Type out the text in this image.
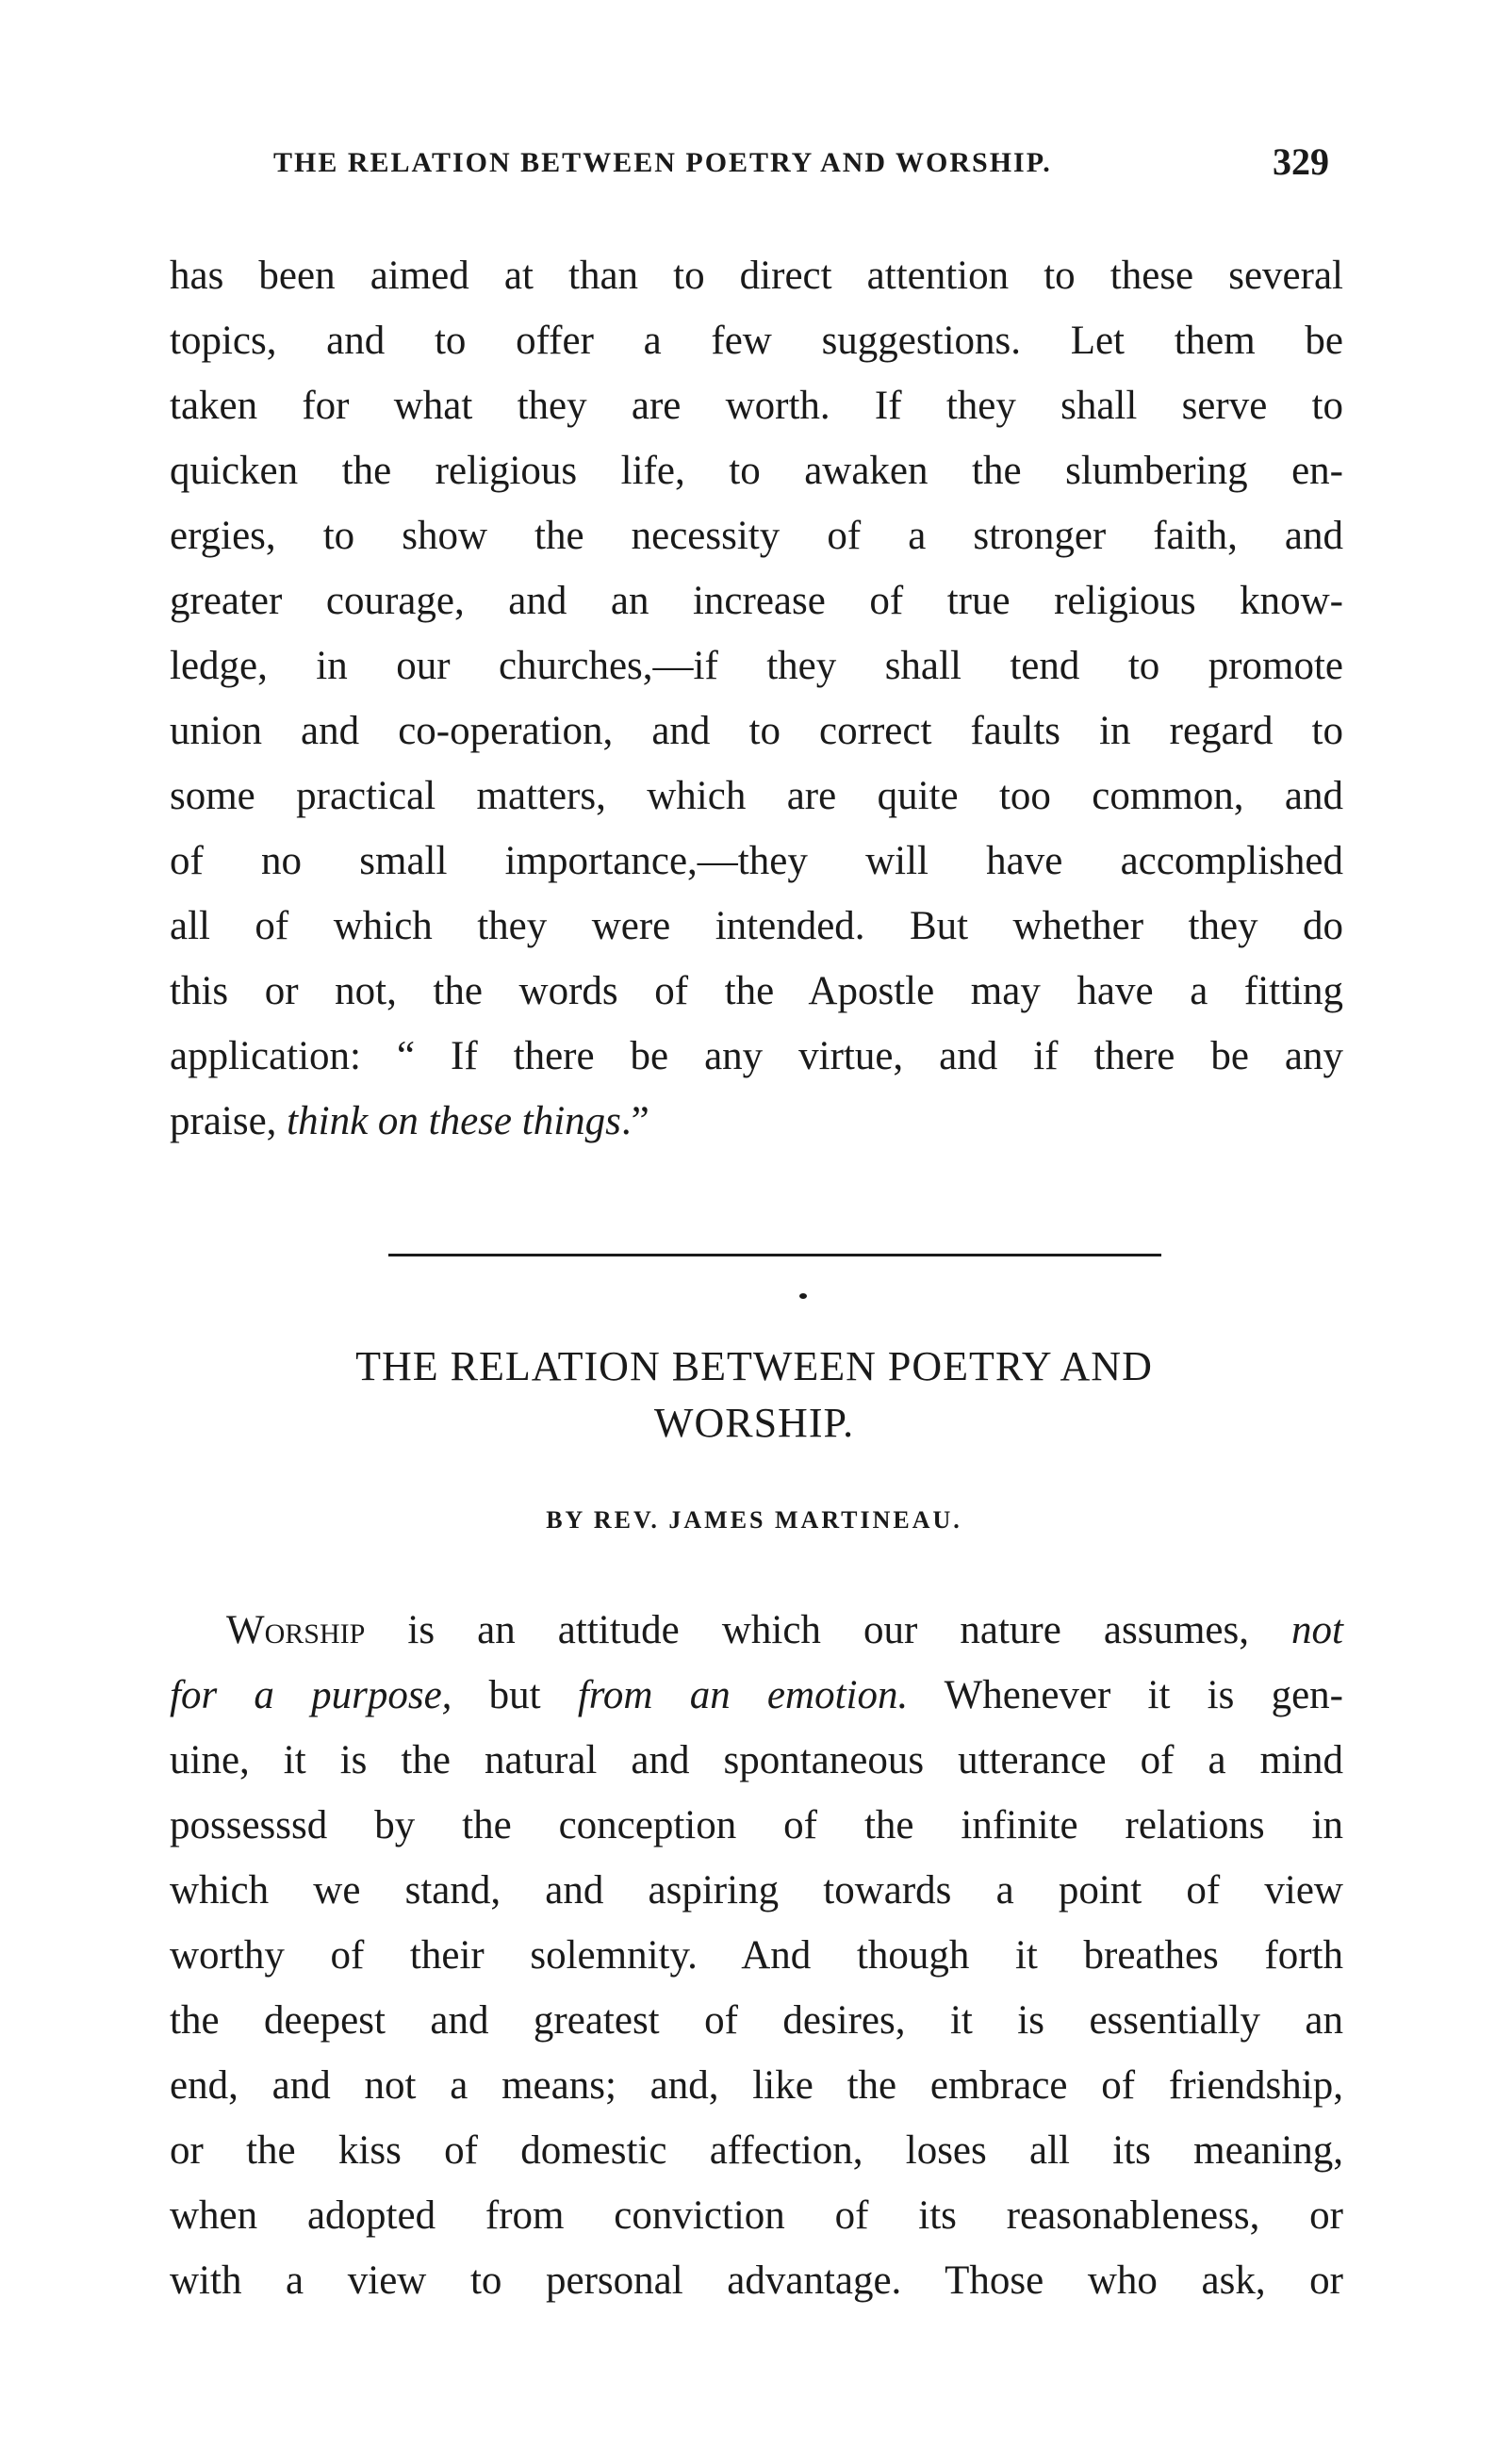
THE RELATION BETWEEN POETRY AND WORSHIP.	329
has been aimed at than to direct attention to these several
topics, and to offer a few suggestions. Let them be
taken for what they are worth. If they shall serve to
quicken the religious life, to awaken the slumbering en-
ergies, to show the necessity of a stronger faith, and
greater courage, and an increase of true religious know-
ledge, in our churches,—if they shall tend to promote
union and co-operation, and to correct faults in regard to
some practical matters, which are quite too common, and
of no small importance,—they will have accomplished
all of which they were intended. But whether they do
this or not, the words of the Apostle may have a fitting
application: “ If there be any virtue, and if there be any
praise, think on these things.”
THE RELATION BETWEEN POETRY AND
WORSHIP.
BY REV. JAMES MARTINEAU.
Worship is an attitude which our nature assumes, not
for a purpose, but from an emotion. Whenever it is gen-
uine, it is the natural and spontaneous utterance of a mind
possesssd by the conception of the infinite relations in
which we stand, and aspiring towards a point of view
worthy of their solemnity. And though it breathes forth
the deepest and greatest of desires, it is essentially an
end, and not a means; and, like the embrace of friendship,
or the kiss of domestic affection, loses all its meaning,
when adopted from conviction of its reasonableness, or
with a view to personal advantage. Those who ask, or
